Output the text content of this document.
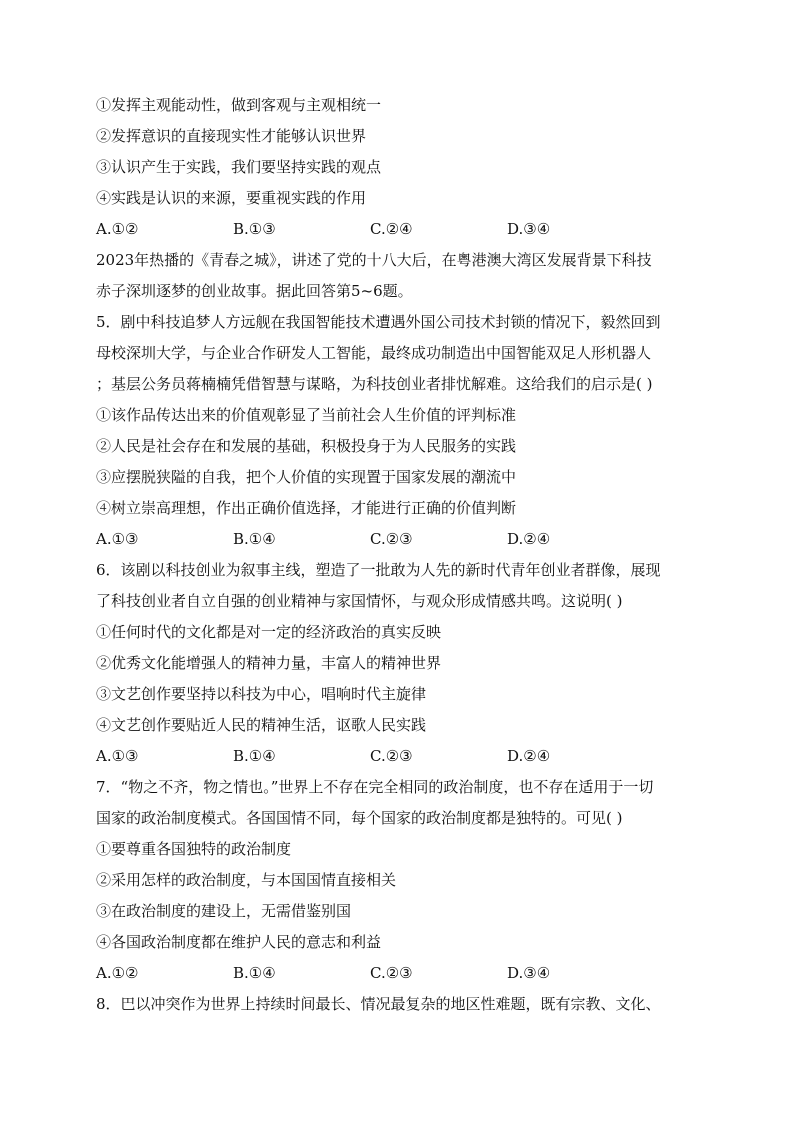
①发挥主观能动性，做到客观与主观相统一
②发挥意识的直接现实性才能够认识世界
③认识产生于实践，我们要坚持实践的观点
④实践是认识的来源，要重视实践的作用
A.①②	B.①③	C.②④	D.③④
2023年热播的《青春之城》，讲述了党的十八大后，在粤港澳大湾区发展背景下科技
赤子深圳逐梦的创业故事。据此回答第5~6题。
5．剧中科技追梦人方远舰在我国智能技术遭遇外国公司技术封锁的情况下，毅然回到
母校深圳大学，与企业合作研发人工智能，最终成功制造出中国智能双足人形机器人
；基层公务员蒋楠楠凭借智慧与谋略，为科技创业者排忧解难。这给我们的启示是( )
①该作品传达出来的价值观彰显了当前社会人生价值的评判标准
②人民是社会存在和发展的基础，积极投身于为人民服务的实践
③应摆脱狭隘的自我，把个人价值的实现置于国家发展的潮流中
④树立崇高理想，作出正确价值选择，才能进行正确的价值判断
A.①③	B.①④	C.②③	D.②④
6．该剧以科技创业为叙事主线，塑造了一批敢为人先的新时代青年创业者群像，展现
了科技创业者自立自强的创业精神与家国情怀，与观众形成情感共鸣。这说明( )
①任何时代的文化都是对一定的经济政治的真实反映
②优秀文化能增强人的精神力量，丰富人的精神世界
③文艺创作要坚持以科技为中心，唱响时代主旋律
④文艺创作要贴近人民的精神生活，讴歌人民实践
A.①③	B.①④	C.②③	D.②④
7．“物之不齐，物之情也。”世界上不存在完全相同的政治制度，也不存在适用于一切
国家的政治制度模式。各国国情不同，每个国家的政治制度都是独特的。可见( )
①要尊重各国独特的政治制度
②采用怎样的政治制度，与本国国情直接相关
③在政治制度的建设上，无需借鉴别国
④各国政治制度都在维护人民的意志和利益
A.①②	B.①④	C.②③	D.③④
8．巴以冲突作为世界上持续时间最长、情况最复杂的地区性难题，既有宗教、文化、
